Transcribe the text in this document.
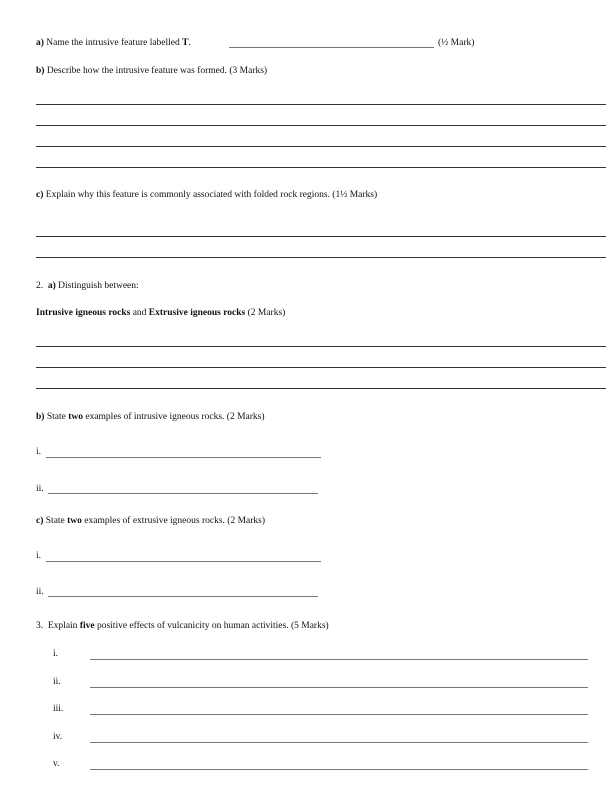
a) Name the intrusive feature labelled T.	(½ Mark)
b) Describe how the intrusive feature was formed. (3 Marks)
c) Explain why this feature is commonly associated with folded rock regions. (1½ Marks)
2. a) Distinguish between:
Intrusive igneous rocks and Extrusive igneous rocks (2 Marks)
b) State two examples of intrusive igneous rocks. (2 Marks)
i.
ii.
c) State two examples of extrusive igneous rocks. (2 Marks)
i.
ii.
3. Explain five positive effects of vulcanicity on human activities. (5 Marks)
i.
ii.
iii.
iv.
v.
